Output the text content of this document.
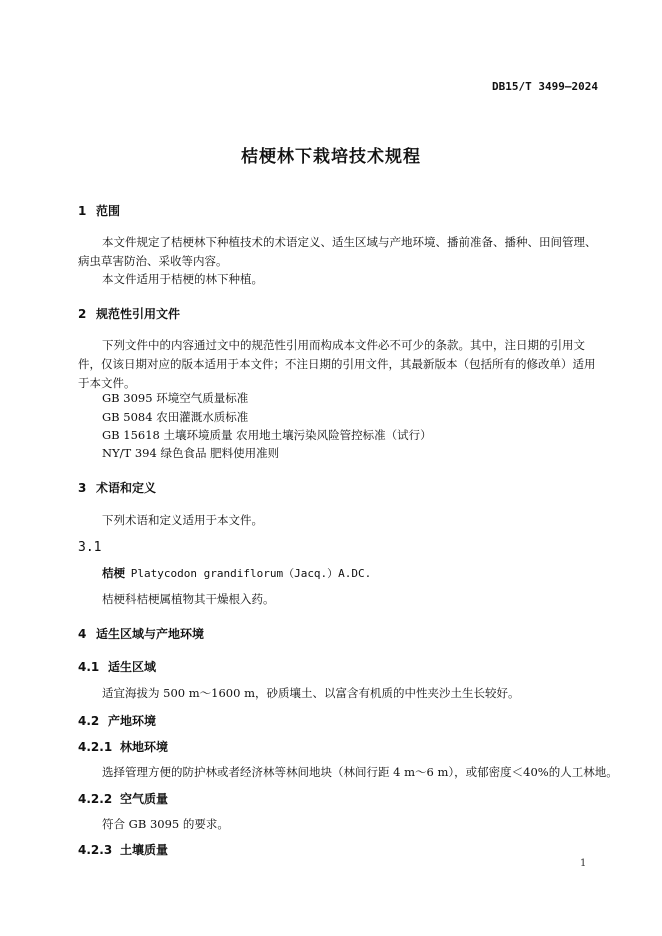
DB15/T 3499—2024
桔梗林下栽培技术规程
1 范围
本文件规定了桔梗林下种植技术的术语定义、适生区域与产地环境、播前准备、播种、田间管理、病虫草害防治、采收等内容。
本文件适用于桔梗的林下种植。
2 规范性引用文件
下列文件中的内容通过文中的规范性引用而构成本文件必不可少的条款。其中，注日期的引用文件，仅该日期对应的版本适用于本文件；不注日期的引用文件，其最新版本（包括所有的修改单）适用于本文件。
GB 3095 环境空气质量标准
GB 5084 农田灌溉水质标准
GB 15618 土壤环境质量 农用地土壤污染风险管控标准（试行）
NY/T 394 绿色食品 肥料使用准则
3 术语和定义
下列术语和定义适用于本文件。
3.1
桔梗 Platycodon grandiflorum（Jacq.）A.DC.
桔梗科桔梗属植物其干燥根入药。
4 适生区域与产地环境
4.1 适生区域
适宜海拔为 500 m～1600 m，砂质壤土、以富含有机质的中性夹沙土生长较好。
4.2 产地环境
4.2.1 林地环境
选择管理方便的防护林或者经济林等林间地块（林间行距 4 m～6 m），或郁密度＜40%的人工林地。
4.2.2 空气质量
符合 GB 3095 的要求。
4.2.3 土壤质量
1
